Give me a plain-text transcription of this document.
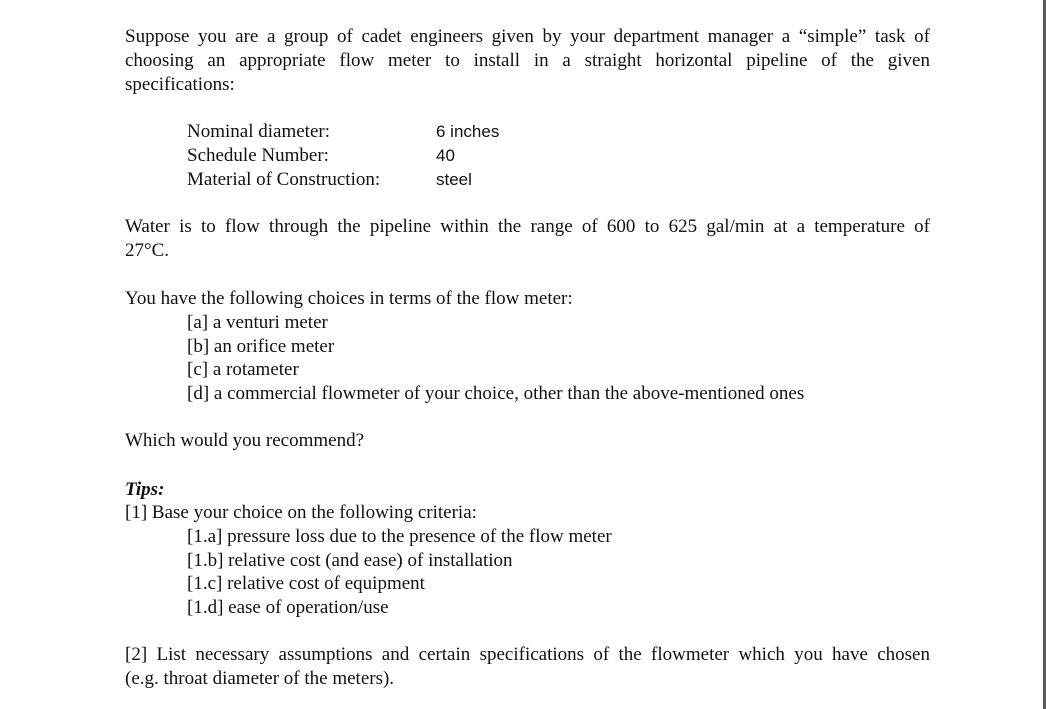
Suppose you are a group of cadet engineers given by your department manager a “simple” task of
choosing an appropriate flow meter to install in a straight horizontal pipeline of the given
specifications:

Nominal diameter:	6 inches
Schedule Number:	40
Material of Construction:	steel

Water is to flow through the pipeline within the range of 600 to 625 gal/min at a temperature of
27°C.

You have the following choices in terms of the flow meter:

[a] a venturi meter
[b] an orifice meter
[c] a rotameter
[d] a commercial flowmeter of your choice, other than the above-mentioned ones

Which would you recommend?

Tips:

[1] Base your choice on the following criteria:

[1.a] pressure loss due to the presence of the flow meter
[1.b] relative cost (and ease) of installation
[1.c] relative cost of equipment
[1.d] ease of operation/use

[2] List necessary assumptions and certain specifications of the flowmeter which you have chosen
(e.g. throat diameter of the meters).
